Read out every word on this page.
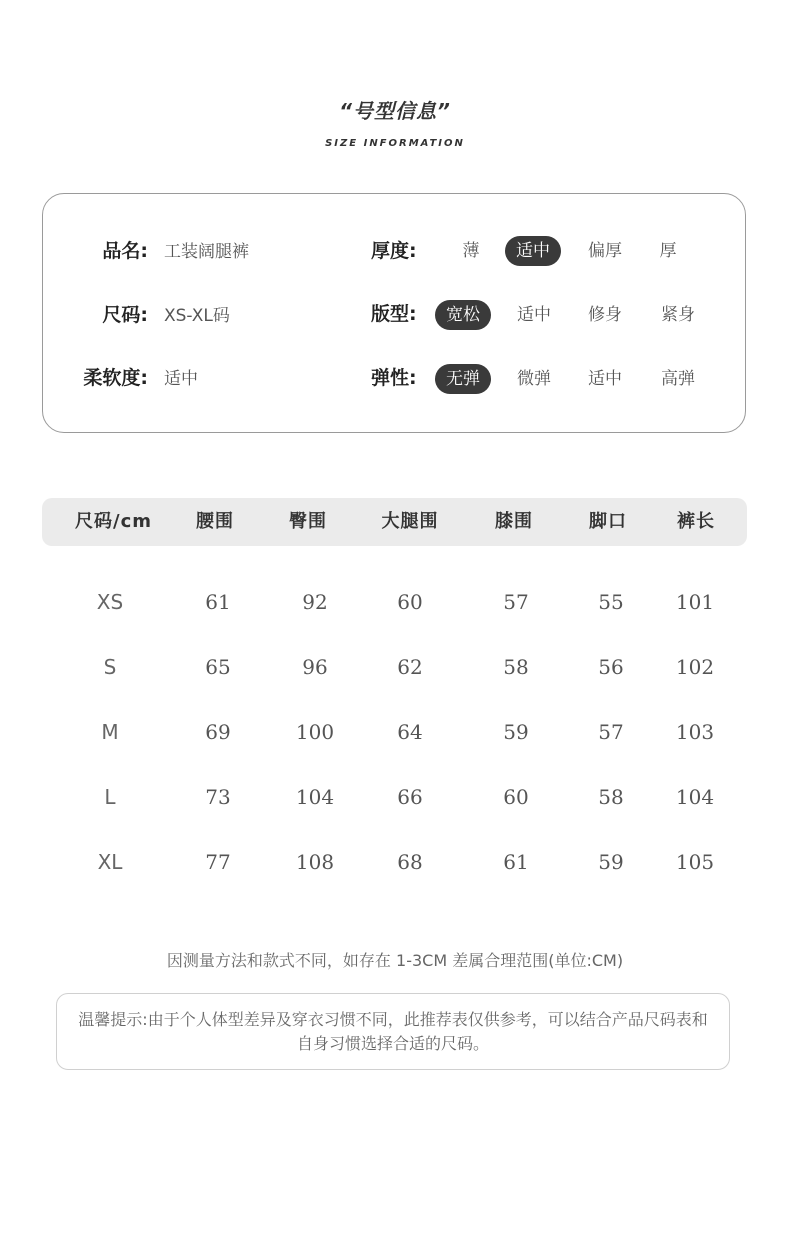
“号型信息”
SIZE INFORMATION
品名: 工装阔腿裤
尺码: XS-XL码
柔软度: 适中
厚度:	薄	适中	偏厚	厚
版型:	宽松	适中	修身	紧身
弹性:	无弹	微弹	适中	高弹
尺码/cm	腰围	臀围	大腿围	膝围	脚口	裤长
XS	61	92	60	57	55	101
S	65	96	62	58	56	102
M	69	100	64	59	57	103
L	73	104	66	60	58	104
XL	77	108	68	61	59	105
因测量方法和款式不同，如存在 1-3CM 差属合理范围(单位:CM)
温馨提示:由于个人体型差异及穿衣习惯不同，此推荐表仅供参考，可以结合产品尺码表和自身习惯选择合适的尺码。
